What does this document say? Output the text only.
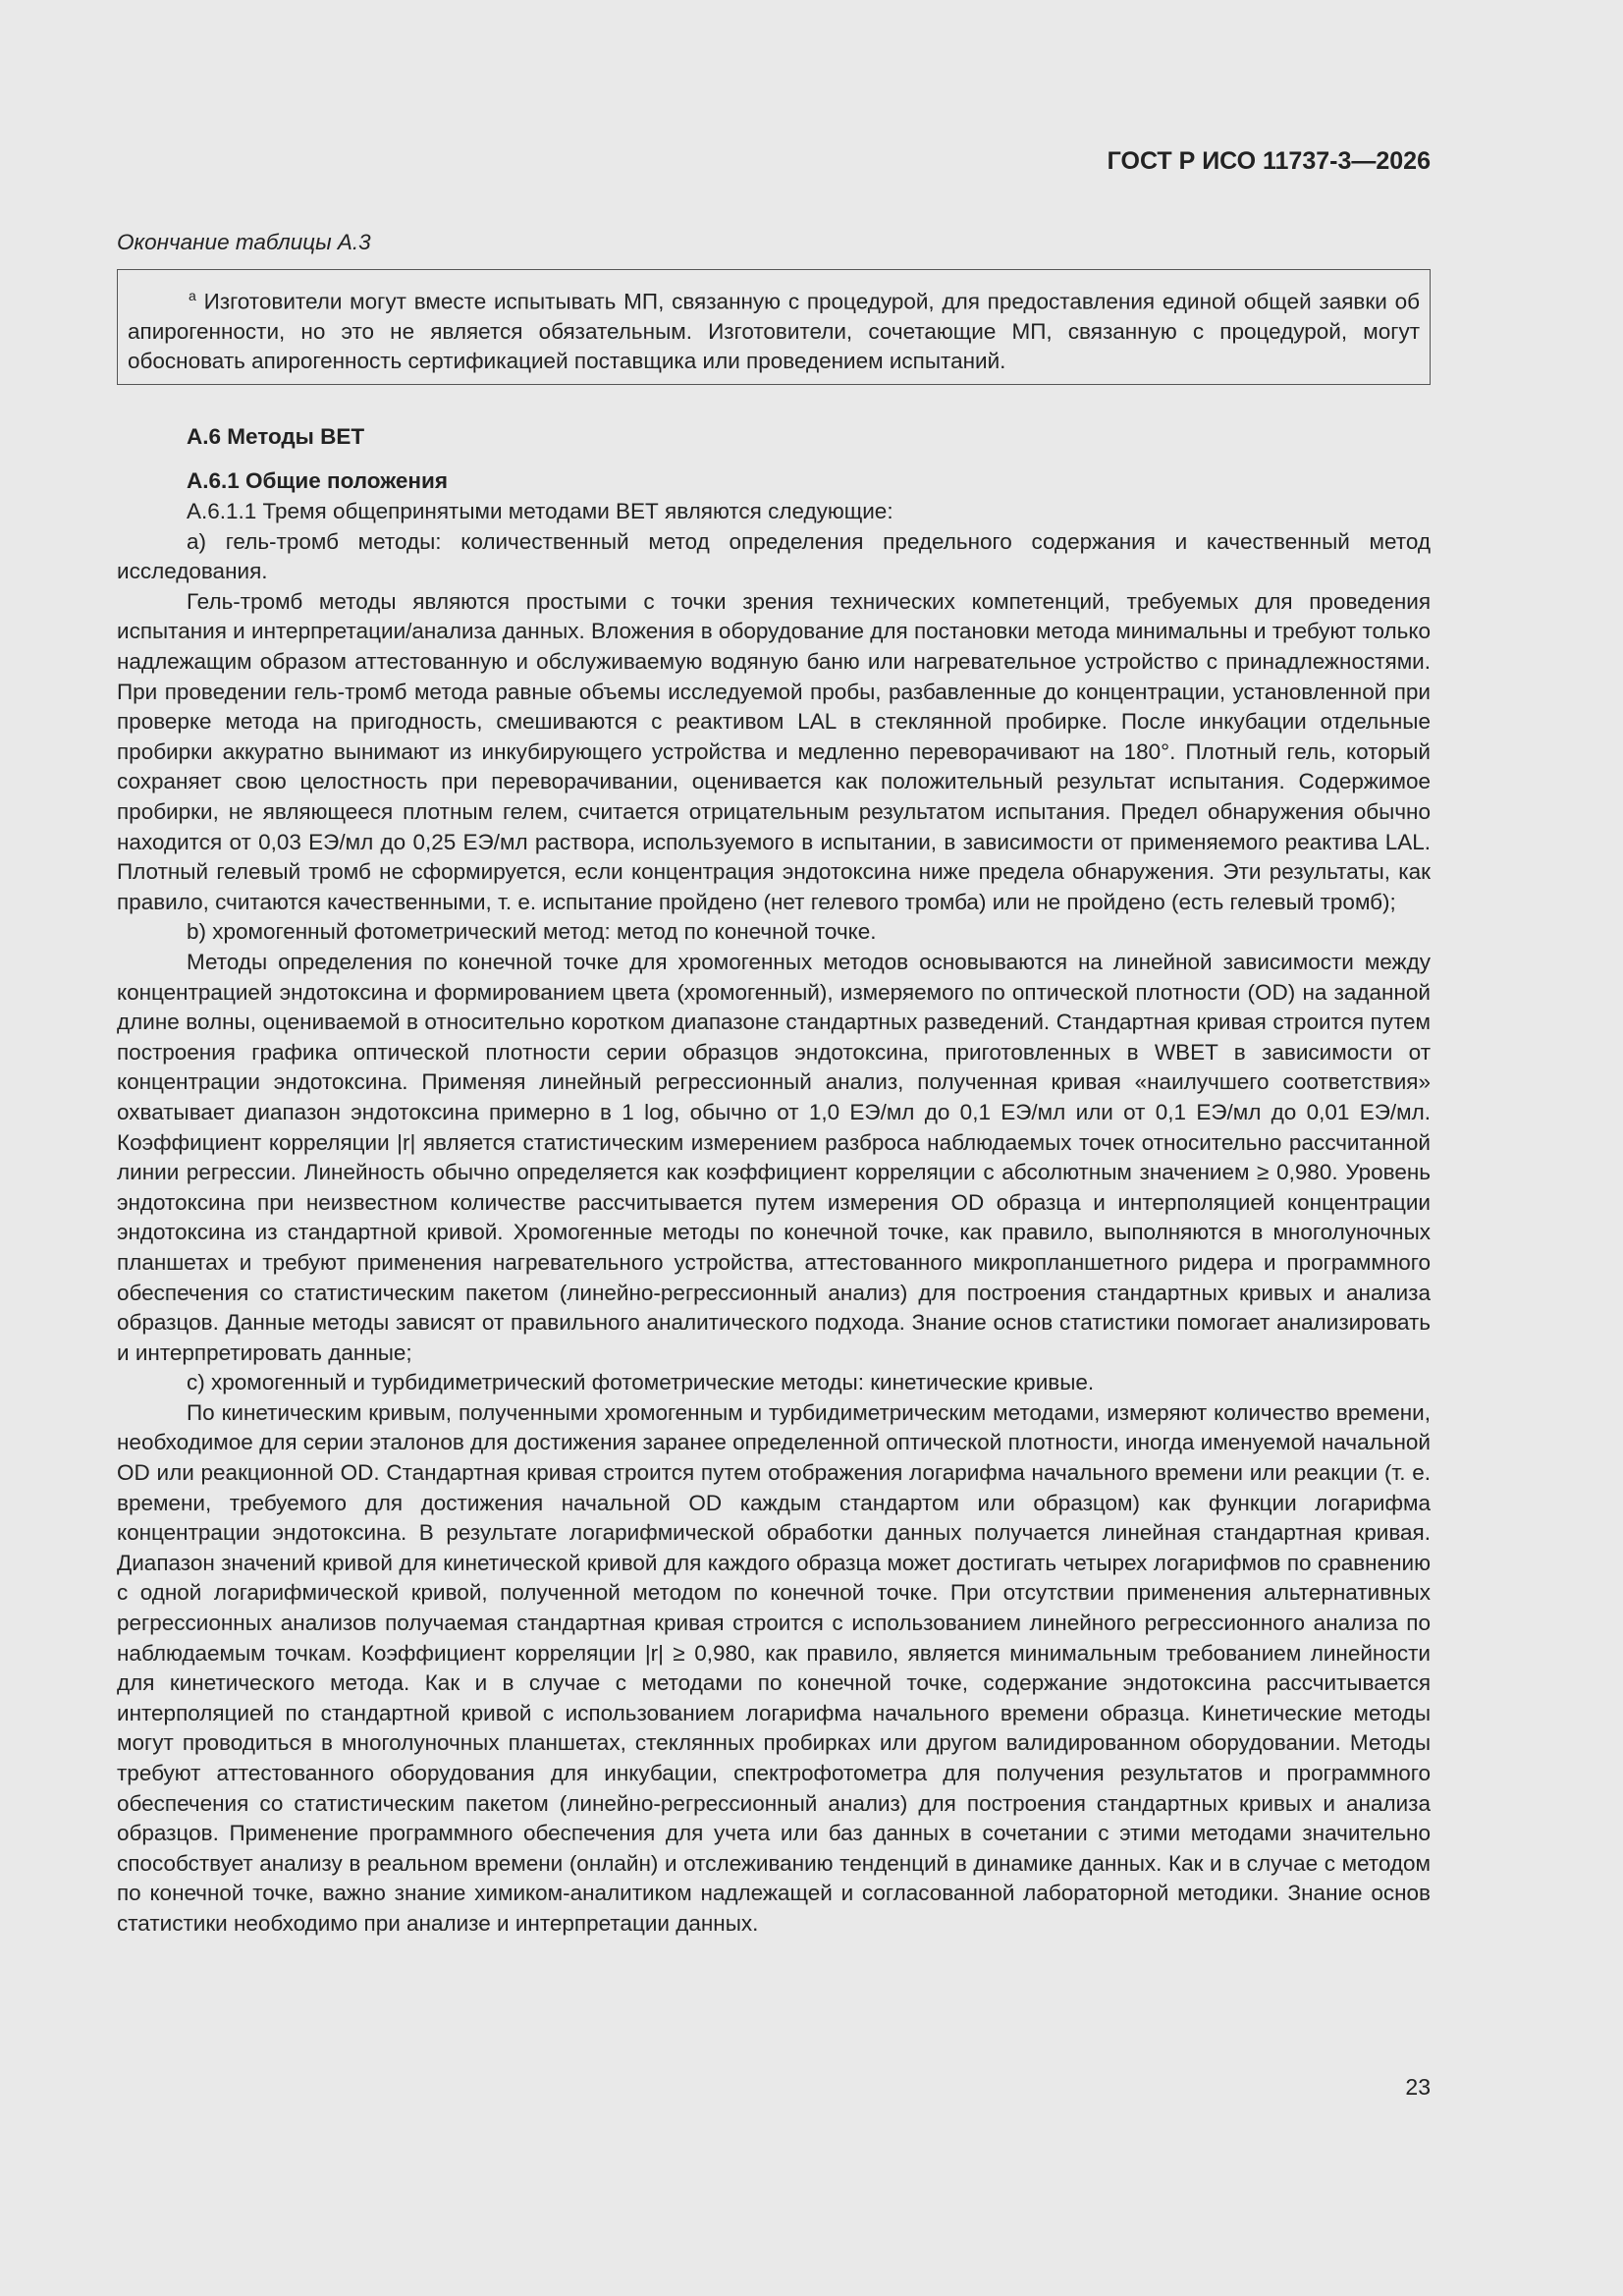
ГОСТ Р ИСО 11737-3—2026

Окончание таблицы А.3

$^a$ Изготовители могут вместе испытывать МП, связанную с процедурой, для предоставления единой общей заявки об апирогенности, но это не является обязательным. Изготовители, сочетающие МП, связанную с процедурой, могут обосновать апирогенность сертификацией поставщика или проведением испытаний.

А.6 Методы ВЕТ

А.6.1 Общие положения

А.6.1.1 Тремя общепринятыми методами ВЕТ являются следующие:

а) гель-тромб методы: количественный метод определения предельного содержания и качественный метод исследования.

Гель-тромб методы являются простыми с точки зрения технических компетенций, требуемых для проведения испытания и интерпретации/анализа данных. Вложения в оборудование для постановки метода минимальны и требуют только надлежащим образом аттестованную и обслуживаемую водяную баню или нагревательное устройство с принадлежностями. При проведении гель-тромб метода равные объемы исследуемой пробы, разбавленные до концентрации, установленной при проверке метода на пригодность, смешиваются с реактивом LAL в стеклянной пробирке. После инкубации отдельные пробирки аккуратно вынимают из инкубирующего устройства и медленно переворачивают на 180°. Плотный гель, который сохраняет свою целостность при переворачивании, оценивается как положительный результат испытания. Содержимое пробирки, не являющееся плотным гелем, считается отрицательным результатом испытания. Предел обнаружения обычно находится от 0,03 ЕЭ/мл до 0,25 ЕЭ/мл раствора, используемого в испытании, в зависимости от применяемого реактива LAL. Плотный гелевый тромб не сформируется, если концентрация эндотоксина ниже предела обнаружения. Эти результаты, как правило, считаются качественными, т. е. испытание пройдено (нет гелевого тромба) или не пройдено (есть гелевый тромб);

b) хромогенный фотометрический метод: метод по конечной точке.

Методы определения по конечной точке для хромогенных методов основываются на линейной зависимости между концентрацией эндотоксина и формированием цвета (хромогенный), измеряемого по оптической плотности (OD) на заданной длине волны, оцениваемой в относительно коротком диапазоне стандартных разведений. Стандартная кривая строится путем построения графика оптической плотности серии образцов эндотоксина, приготовленных в WBET в зависимости от концентрации эндотоксина. Применяя линейный регрессионный анализ, полученная кривая «наилучшего соответствия» охватывает диапазон эндотоксина примерно в 1 log, обычно от 1,0 ЕЭ/мл до 0,1 ЕЭ/мл или от 0,1 ЕЭ/мл до 0,01 ЕЭ/мл. Коэффициент корреляции |r| является статистическим измерением разброса наблюдаемых точек относительно рассчитанной линии регрессии. Линейность обычно определяется как коэффициент корреляции с абсолютным значением ≥ 0,980. Уровень эндотоксина при неизвестном количестве рассчитывается путем измерения OD образца и интерполяцией концентрации эндотоксина из стандартной кривой. Хромогенные методы по конечной точке, как правило, выполняются в многолуночных планшетах и требуют применения нагревательного устройства, аттестованного микропланшетного ридера и программного обеспечения со статистическим пакетом (линейно-регрессионный анализ) для построения стандартных кривых и анализа образцов. Данные методы зависят от правильного аналитического подхода. Знание основ статистики помогает анализировать и интерпретировать данные;

с) хромогенный и турбидиметрический фотометрические методы: кинетические кривые.

По кинетическим кривым, полученными хромогенным и турбидиметрическим методами, измеряют количество времени, необходимое для серии эталонов для достижения заранее определенной оптической плотности, иногда именуемой начальной OD или реакционной OD. Стандартная кривая строится путем отображения логарифма начального времени или реакции (т. е. времени, требуемого для достижения начальной OD каждым стандартом или образцом) как функции логарифма концентрации эндотоксина. В результате логарифмической обработки данных получается линейная стандартная кривая. Диапазон значений кривой для кинетической кривой для каждого образца может достигать четырех логарифмов по сравнению с одной логарифмической кривой, полученной методом по конечной точке. При отсутствии применения альтернативных регрессионных анализов получаемая стандартная кривая строится с использованием линейного регрессионного анализа по наблюдаемым точкам. Коэффициент корреляции |r| ≥ 0,980, как правило, является минимальным требованием линейности для кинетического метода. Как и в случае с методами по конечной точке, содержание эндотоксина рассчитывается интерполяцией по стандартной кривой с использованием логарифма начального времени образца. Кинетические методы могут проводиться в многолуночных планшетах, стеклянных пробирках или другом валидированном оборудовании. Методы требуют аттестованного оборудования для инкубации, спектрофотометра для получения результатов и программного обеспечения со статистическим пакетом (линейно-регрессионный анализ) для построения стандартных кривых и анализа образцов. Применение программного обеспечения для учета или баз данных в сочетании с этими методами значительно способствует анализу в реальном времени (онлайн) и отслеживанию тенденций в динамике данных. Как и в случае с методом по конечной точке, важно знание химиком-аналитиком надлежащей и согласованной лабораторной методики. Знание основ статистики необходимо при анализе и интерпретации данных.

23
